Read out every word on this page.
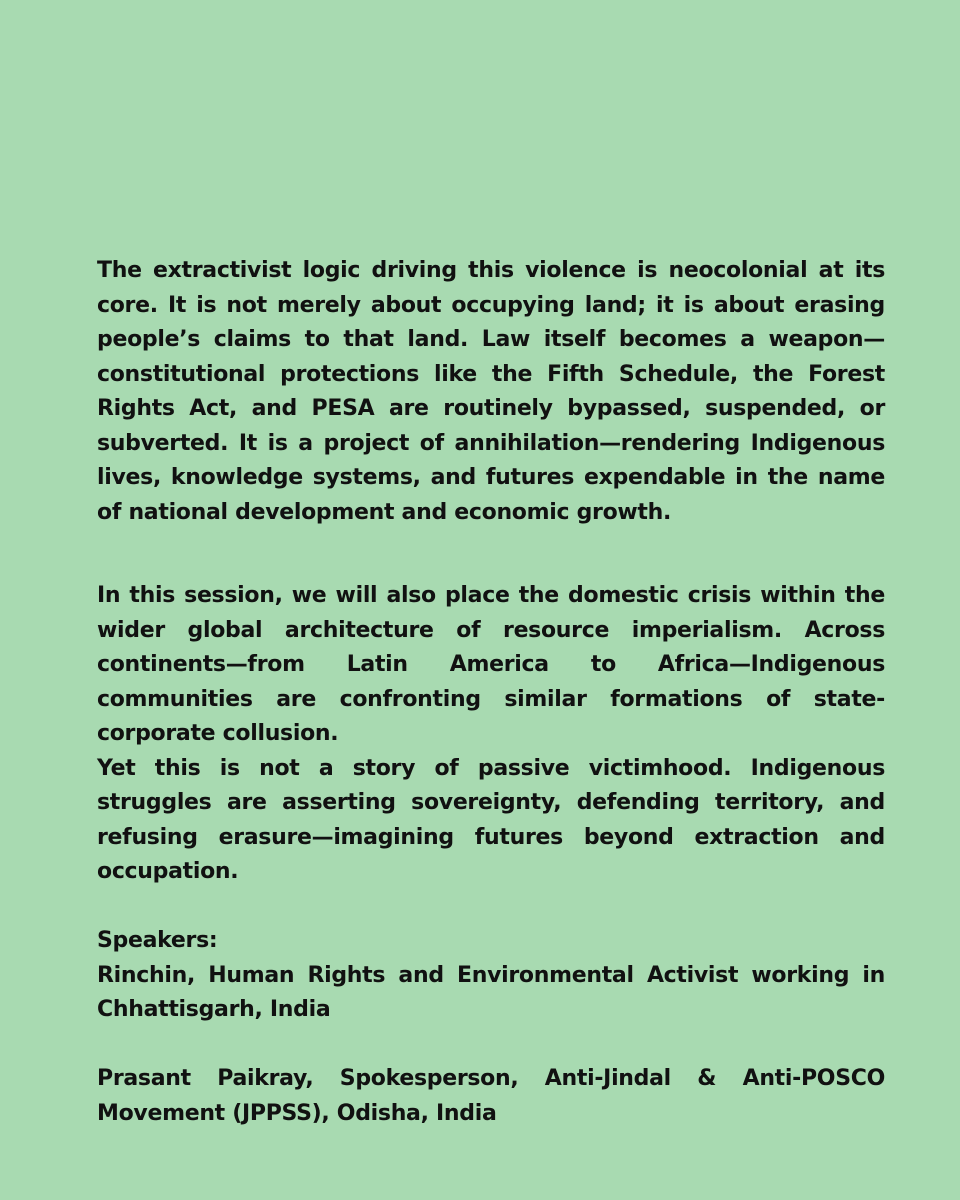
The extractivist logic driving this violence is neocolonial at its core. It is not merely about occupying land; it is about erasing people’s claims to that land. Law itself becomes a weapon—constitutional protections like the Fifth Schedule, the Forest Rights Act, and PESA are routinely bypassed, suspended, or subverted. It is a project of annihilation—rendering Indigenous lives, knowledge systems, and futures expendable in the name of national development and economic growth.

In this session, we will also place the domestic crisis within the wider global architecture of resource imperialism. Across continents—from Latin America to Africa—Indigenous communities are confronting similar formations of state-corporate collusion.

Yet this is not a story of passive victimhood. Indigenous struggles are asserting sovereignty, defending territory, and refusing erasure—imagining futures beyond extraction and occupation.

Speakers:

Rinchin, Human Rights and Environmental Activist working in Chhattisgarh, India

Prasant Paikray, Spokesperson, Anti-Jindal & Anti-POSCO Movement (JPPSS), Odisha, India
